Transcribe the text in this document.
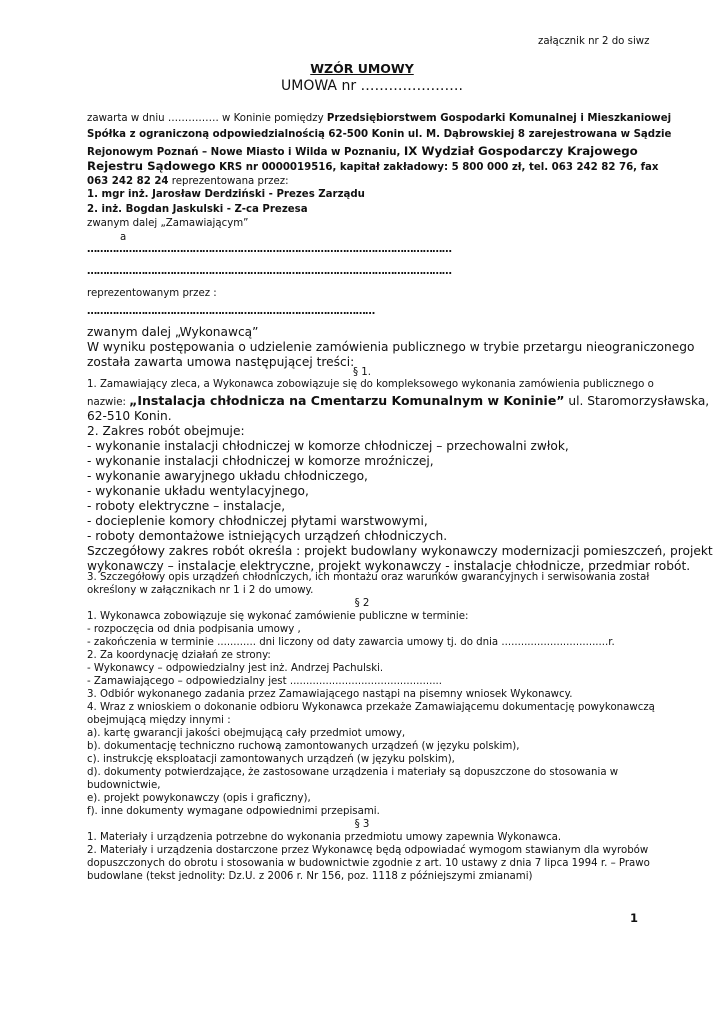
załącznik nr 2 do siwz
WZÓR UMOWY
UMOWA nr ………………….
zawarta w dniu …………… w Koninie pomiędzy Przedsiębiorstwem Gospodarki Komunalnej i Mieszkaniowej
Spółka z ograniczoną odpowiedzialnością 62-500 Konin ul. M. Dąbrowskiej 8 zarejestrowana w Sądzie
Rejonowym Poznań – Nowe Miasto i Wilda w Poznaniu, IX Wydział Gospodarczy Krajowego
Rejestru Sądowego KRS nr 0000019516, kapitał zakładowy: 5 800 000 zł, tel. 063 242 82 76, fax
063 242 82 24 reprezentowana przez:
1. mgr inż. Jarosław Derdziński - Prezes Zarządu
2. inż. Bogdan Jaskulski - Z-ca Prezesa
zwanym dalej „Zamawiającym”
a
……………………………………………………………………………………………………
……………………………………………………………………………………………………
reprezentowanym przez :
………………………………………………………………………………
zwanym dalej „Wykonawcą”
W wyniku postępowania o udzielenie zamówienia publicznego w trybie przetargu nieograniczonego
została zawarta umowa następującej treści:
§ 1.
1. Zamawiający zleca, a Wykonawca zobowiązuje się do kompleksowego wykonania zamówienia publicznego o
nazwie: „Instalacja chłodnicza na Cmentarzu Komunalnym w Koninie” ul. Staromorzysławska,
62-510 Konin.
2. Zakres robót obejmuje:
- wykonanie instalacji chłodniczej w komorze chłodniczej – przechowalni zwłok,
- wykonanie instalacji chłodniczej w komorze mroźniczej,
- wykonanie awaryjnego układu chłodniczego,
- wykonanie układu wentylacyjnego,
- roboty elektryczne – instalacje,
- docieplenie komory chłodniczej płytami warstwowymi,
- roboty demontażowe istniejących urządzeń chłodniczych.
Szczegółowy zakres robót określa : projekt budowlany wykonawczy modernizacji pomieszczeń, projekt
wykonawczy – instalacje elektryczne, projekt wykonawczy - instalacje chłodnicze, przedmiar robót.
3. Szczegółowy opis urządzeń chłodniczych, ich montażu oraz warunków gwarancyjnych i serwisowania został
określony w załącznikach nr 1 i 2 do umowy.
§ 2
1. Wykonawca zobowiązuje się wykonać zamówienie publiczne w terminie:
- rozpoczęcia od dnia podpisania umowy ,
- zakończenia w terminie ............ dni liczony od daty zawarcia umowy tj. do dnia .................................r.
2. Za koordynację działań ze strony:
- Wykonawcy – odpowiedzialny jest inż. Andrzej Pachulski.
- Zamawiającego – odpowiedzialny jest ...............................................
3. Odbiór wykonanego zadania przez Zamawiającego nastąpi na pisemny wniosek Wykonawcy.
4. Wraz z wnioskiem o dokonanie odbioru Wykonawca przekaże Zamawiającemu dokumentację powykonawczą
obejmującą między innymi :
a). kartę gwarancji jakości obejmującą cały przedmiot umowy,
b). dokumentację techniczno ruchową zamontowanych urządzeń (w języku polskim),
c). instrukcję eksploatacji zamontowanych urządzeń (w języku polskim),
d). dokumenty potwierdzające, że zastosowane urządzenia i materiały są dopuszczone do stosowania w
budownictwie,
e). projekt powykonawczy (opis i graficzny),
f). inne dokumenty wymagane odpowiednimi przepisami.
§ 3
1. Materiały i urządzenia potrzebne do wykonania przedmiotu umowy zapewnia Wykonawca.
2. Materiały i urządzenia dostarczone przez Wykonawcę będą odpowiadać wymogom stawianym dla wyrobów
dopuszczonych do obrotu i stosowania w budownictwie zgodnie z art. 10 ustawy z dnia 7 lipca 1994 r. – Prawo
budowlane (tekst jednolity: Dz.U. z 2006 r. Nr 156, poz. 1118 z późniejszymi zmianami)
1
